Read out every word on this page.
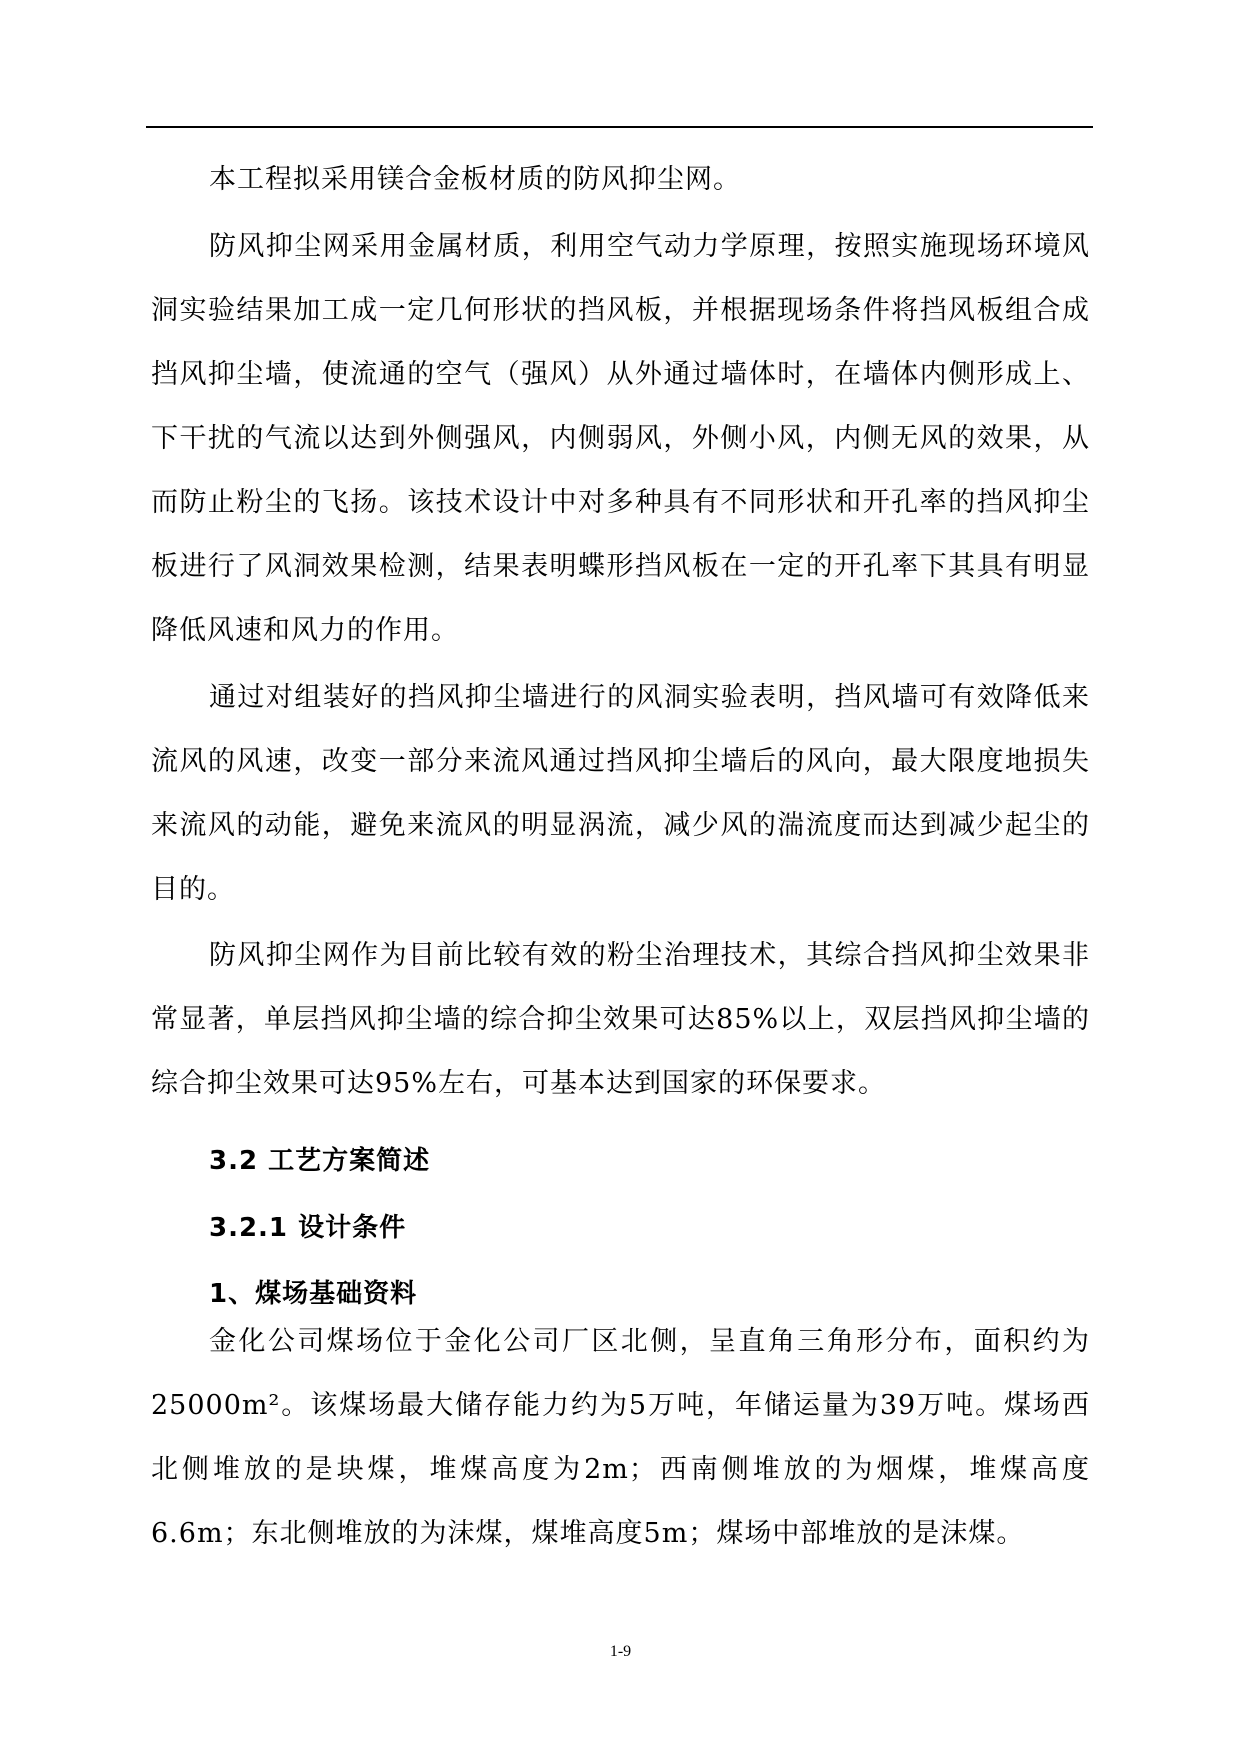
本工程拟采用镁合金板材质的防风抑尘网。

防风抑尘网采用金属材质，利用空气动力学原理，按照实施现场环境风洞实验结果加工成一定几何形状的挡风板，并根据现场条件将挡风板组合成挡风抑尘墙，使流通的空气（强风）从外通过墙体时，在墙体内侧形成上、下干扰的气流以达到外侧强风，内侧弱风，外侧小风，内侧无风的效果，从而防止粉尘的飞扬。该技术设计中对多种具有不同形状和开孔率的挡风抑尘板进行了风洞效果检测，结果表明蝶形挡风板在一定的开孔率下其具有明显降低风速和风力的作用。

通过对组装好的挡风抑尘墙进行的风洞实验表明，挡风墙可有效降低来流风的风速，改变一部分来流风通过挡风抑尘墙后的风向，最大限度地损失来流风的动能，避免来流风的明显涡流，减少风的湍流度而达到减少起尘的目的。

防风抑尘网作为目前比较有效的粉尘治理技术，其综合挡风抑尘效果非常显著，单层挡风抑尘墙的综合抑尘效果可达85%以上，双层挡风抑尘墙的综合抑尘效果可达95%左右，可基本达到国家的环保要求。

3.2 工艺方案简述
3.2.1 设计条件
1、煤场基础资料

金化公司煤场位于金化公司厂区北侧，呈直角三角形分布，面积约为25000m²。该煤场最大储存能力约为5万吨，年储运量为39万吨。煤场西北侧堆放的是块煤，堆煤高度为2m；西南侧堆放的为烟煤，堆煤高度6.6m；东北侧堆放的为沫煤，煤堆高度5m；煤场中部堆放的是沫煤。

1-9
